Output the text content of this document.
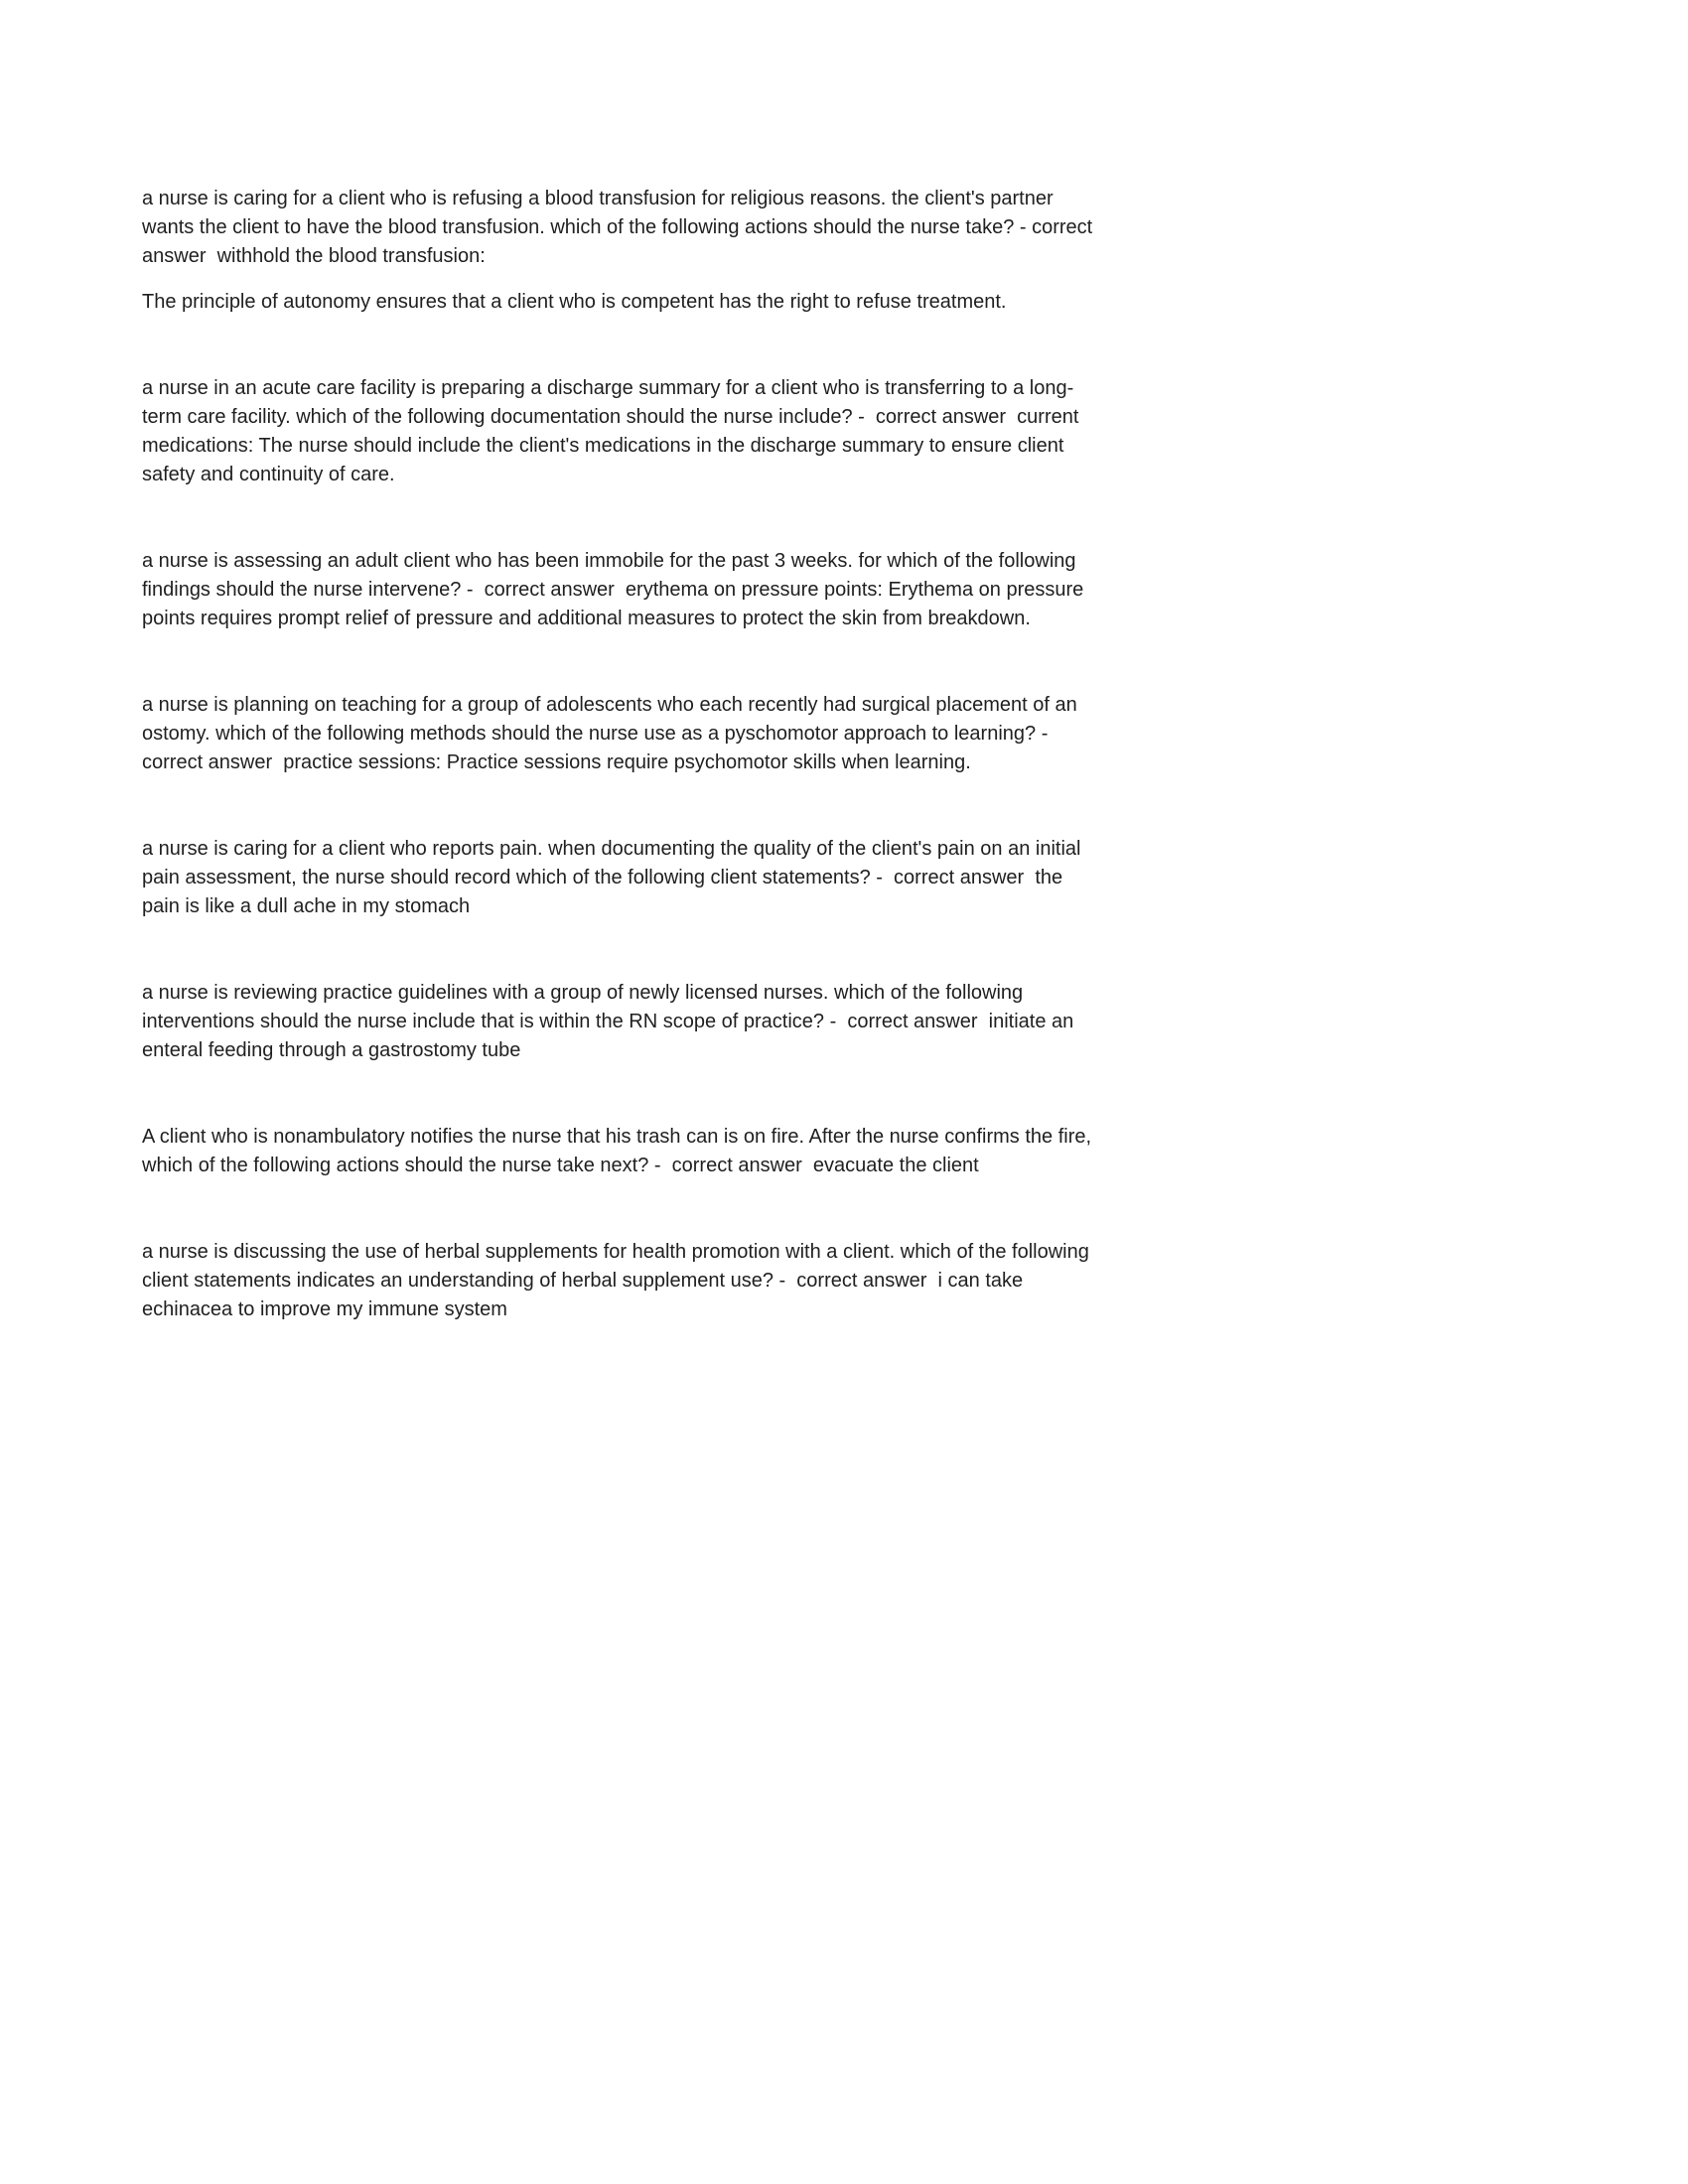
a nurse is caring for a client who is refusing a blood transfusion for religious reasons. the client's partner wants the client to have the blood transfusion. which of the following actions should the nurse take? - correct answer  withhold the blood transfusion:

The principle of autonomy ensures that a client who is competent has the right to refuse treatment.

a nurse in an acute care facility is preparing a discharge summary for a client who is transferring to a long-term care facility. which of the following documentation should the nurse include? -  correct answer  current medications: The nurse should include the client's medications in the discharge summary to ensure client safety and continuity of care.

a nurse is assessing an adult client who has been immobile for the past 3 weeks. for which of the following findings should the nurse intervene? -  correct answer  erythema on pressure points: Erythema on pressure points requires prompt relief of pressure and additional measures to protect the skin from breakdown.

a nurse is planning on teaching for a group of adolescents who each recently had surgical placement of an ostomy. which of the following methods should the nurse use as a pyschomotor approach to learning? -  correct answer  practice sessions: Practice sessions require psychomotor skills when learning.

a nurse is caring for a client who reports pain. when documenting the quality of the client's pain on an initial pain assessment, the nurse should record which of the following client statements? -  correct answer  the pain is like a dull ache in my stomach

a nurse is reviewing practice guidelines with a group of newly licensed nurses. which of the following interventions should the nurse include that is within the RN scope of practice? -  correct answer  initiate an enteral feeding through a gastrostomy tube

A client who is nonambulatory notifies the nurse that his trash can is on fire. After the nurse confirms the fire, which of the following actions should the nurse take next? -  correct answer  evacuate the client

a nurse is discussing the use of herbal supplements for health promotion with a client. which of the following client statements indicates an understanding of herbal supplement use? -  correct answer  i can take echinacea to improve my immune system
